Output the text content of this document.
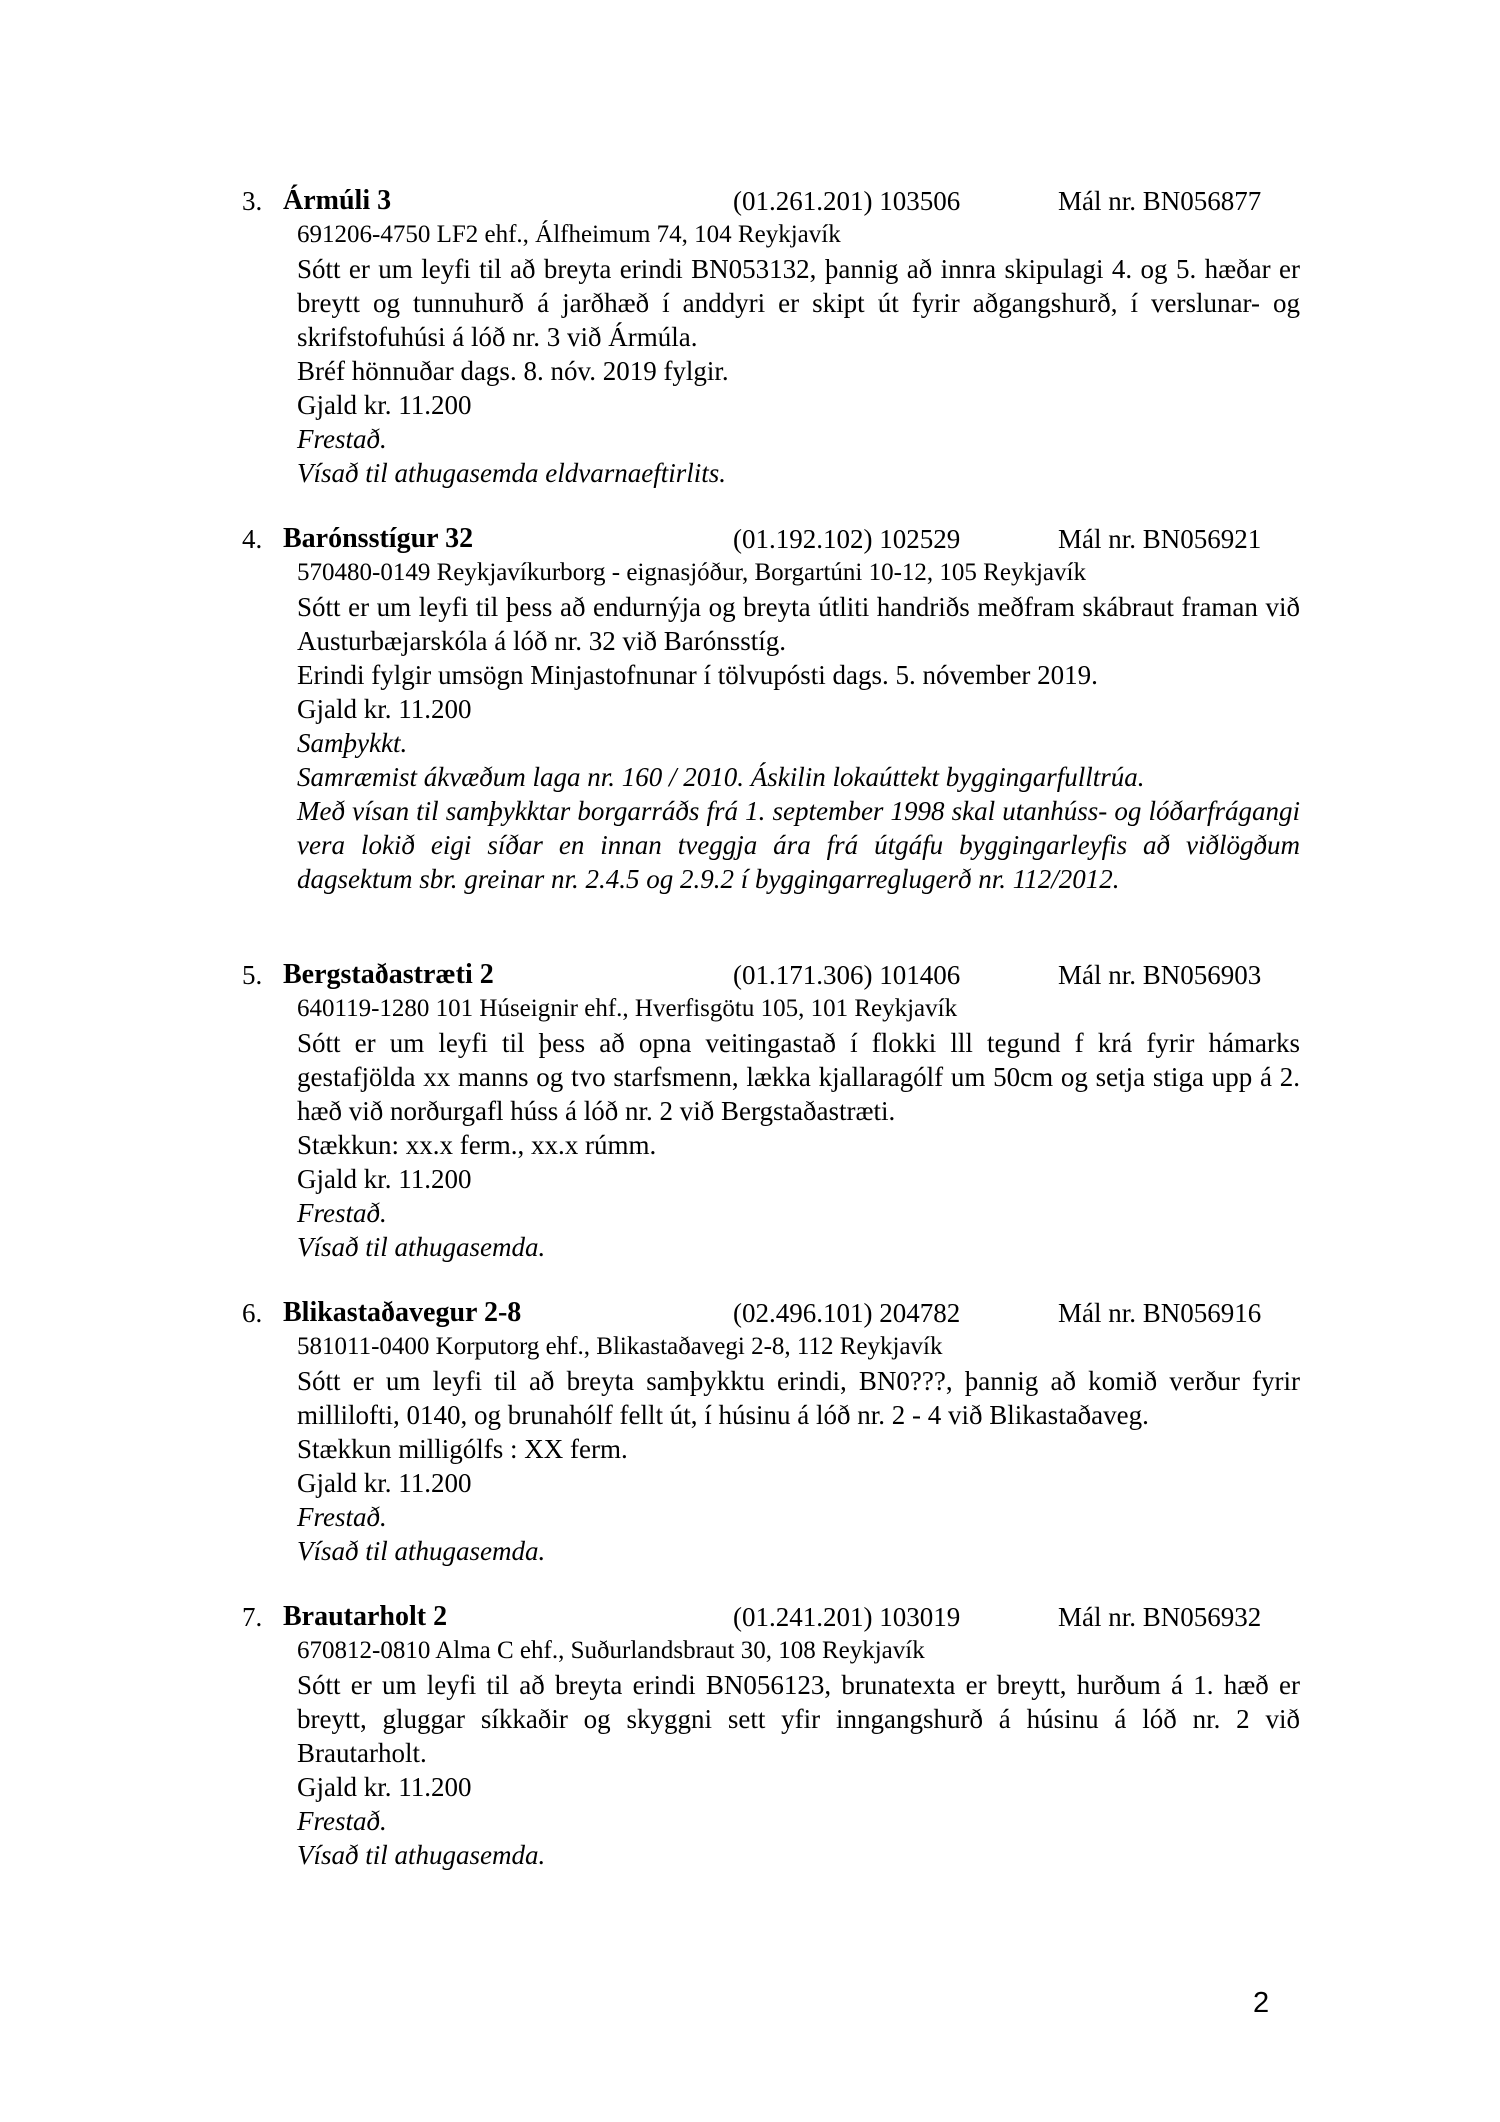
3. Ármúli 3	(01.261.201) 103506	Mál nr. BN056877

691206-4750 LF2 ehf., Álfheimum 74, 104 Reykjavík

Sótt er um leyfi til að breyta erindi BN053132, þannig að innra skipulagi 4. og 5. hæðar er breytt og tunnuhurð á jarðhæð í anddyri er skipt út fyrir aðgangshurð, í verslunar- og skrifstofuhúsi á lóð nr. 3 við Ármúla.

Bréf hönnuðar dags. 8. nóv. 2019 fylgir.

Gjald kr. 11.200

Frestað.

Vísað til athugasemda eldvarnaeftirlits.

4. Barónsstígur 32	(01.192.102) 102529	Mál nr. BN056921

570480-0149 Reykjavíkurborg - eignasjóður, Borgartúni 10-12, 105 Reykjavík

Sótt er um leyfi til þess að endurnýja og breyta útliti handriðs meðfram skábraut framan við Austurbæjarskóla á lóð nr. 32 við Barónsstíg.

Erindi fylgir umsögn Minjastofnunar í tölvupósti dags. 5. nóvember 2019.

Gjald kr. 11.200

Samþykkt.

Samræmist ákvæðum laga nr. 160 / 2010. Áskilin lokaúttekt byggingarfulltrúa.

Með vísan til samþykktar borgarráðs frá 1. september 1998 skal utanhúss- og lóðarfrágangi vera lokið eigi síðar en innan tveggja ára frá útgáfu byggingarleyfis að viðlögðum dagsektum sbr. greinar nr. 2.4.5 og 2.9.2 í byggingarreglugerð nr. 112/2012.

5. Bergstaðastræti 2	(01.171.306) 101406	Mál nr. BN056903

640119-1280 101 Húseignir ehf., Hverfisgötu 105, 101 Reykjavík

Sótt er um leyfi til þess að opna veitingastað í flokki lll tegund f krá fyrir hámarks gestafjölda xx manns og tvo starfsmenn, lækka kjallaragólf um 50cm og setja stiga upp á 2. hæð við norðurgafl húss á lóð nr. 2 við Bergstaðastræti.

Stækkun: xx.x ferm., xx.x rúmm.

Gjald kr. 11.200

Frestað.

Vísað til athugasemda.

6. Blikastaðavegur 2-8	(02.496.101) 204782	Mál nr. BN056916

581011-0400 Korputorg ehf., Blikastaðavegi 2-8, 112 Reykjavík

Sótt er um leyfi til að breyta samþykktu erindi, BN0???, þannig að komið verður fyrir millilofti, 0140, og brunahólf fellt út, í húsinu á lóð nr. 2 - 4 við Blikastaðaveg.

Stækkun milligólfs : XX ferm.

Gjald kr. 11.200

Frestað.

Vísað til athugasemda.

7. Brautarholt 2	(01.241.201) 103019	Mál nr. BN056932

670812-0810 Alma C ehf., Suðurlandsbraut 30, 108 Reykjavík

Sótt er um leyfi til að breyta erindi BN056123, brunatexta er breytt, hurðum á 1. hæð er breytt, gluggar síkkaðir og skyggni sett yfir inngangshurð á húsinu á lóð nr. 2 við Brautarholt.

Gjald kr. 11.200

Frestað.

Vísað til athugasemda.

2
